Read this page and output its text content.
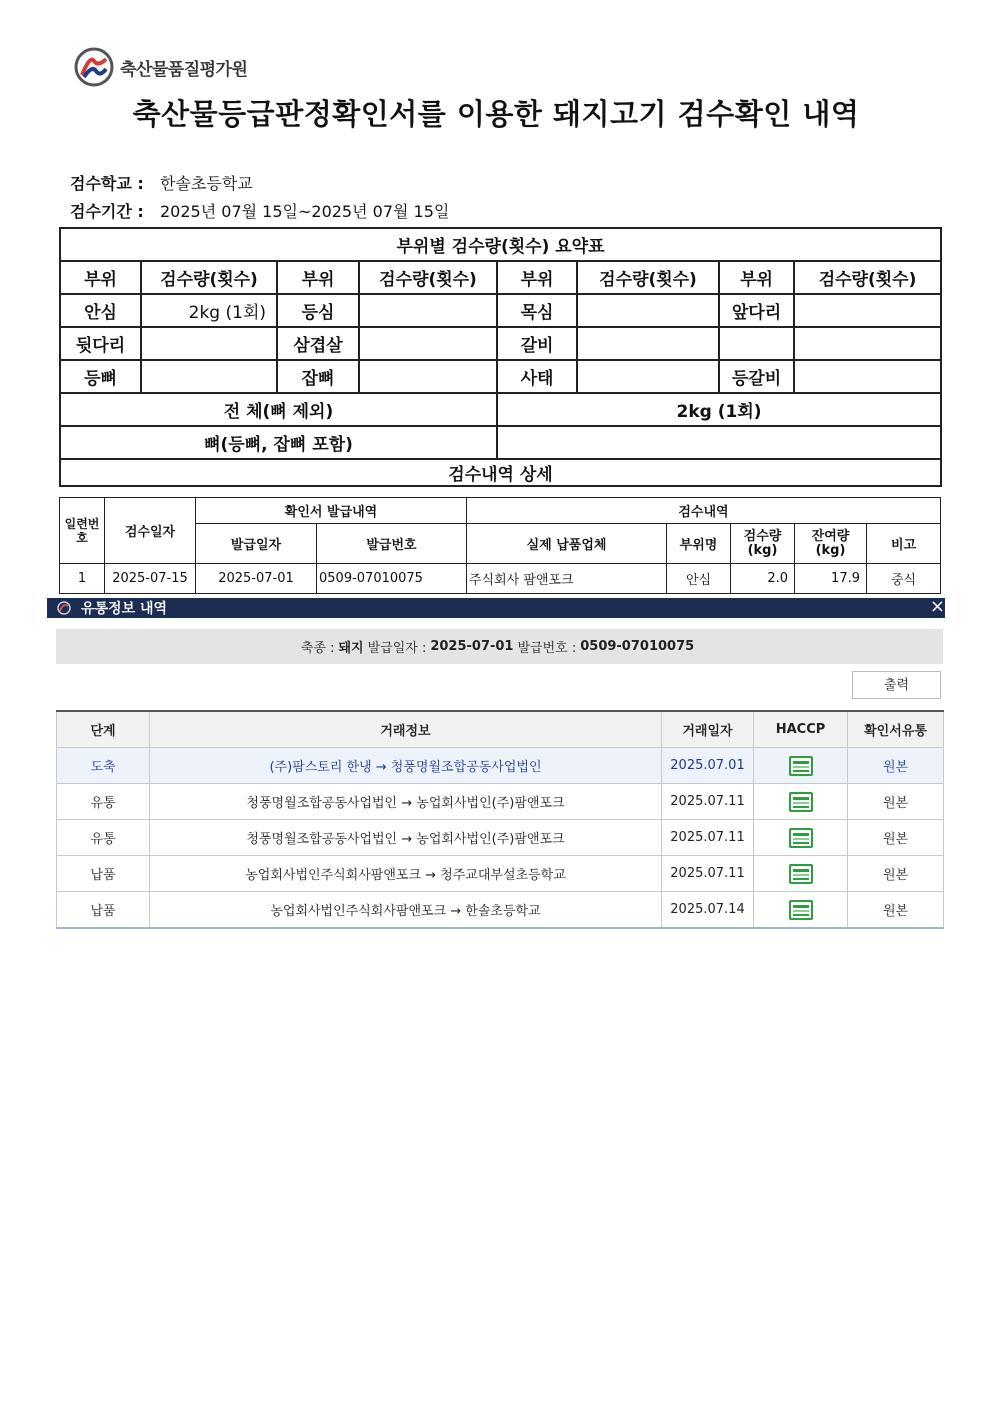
축산물품질평가원
축산물등급판정확인서를 이용한 돼지고기 검수확인 내역
검수학교 : 한솔초등학교
검수기간 : 2025년 07월 15일~2025년 07월 15일
부위별 검수량(횟수) 요약표							
부위	검수량(횟수)	부위	검수량(횟수)	부위	검수량(횟수)	부위	검수량(횟수)
안심	2kg (1회)	등심		목심		앞다리	
뒷다리		삼겹살		갈비			
등뼈		잡뼈		사태		등갈비	
전 체(뼈 제외)				2kg (1회)			
뼈(등뼈, 잡뼈 포함)							
검수내역 상세							
일련번호	검수일자	확인서 발급내역		검수내역				
		발급일자	발급번호	실제 납품업체	부위명	검수량 (kg)	잔여량 (kg)	비고
1	2025-07-15	2025-07-01	0509-07010075	주식회사 팜앤포크	안심	2.0	17.9	중식
유통정보 내역	×
축종 : 돼지 발급일자 : 2025-07-01 발급번호 : 0509-07010075
출력
단계	거래정보	거래일자	HACCP	확인서유통
도축	(주)팜스토리 한냉 → 청풍명월조합공동사업법인	2025.07.01		원본
유통	청풍명월조합공동사업법인 → 농업회사법인(주)팜앤포크	2025.07.11		원본
유통	청풍명월조합공동사업법인 → 농업회사법인(주)팜앤포크	2025.07.11		원본
납품	농업회사법인주식회사팜앤포크 → 청주교대부설초등학교	2025.07.11		원본
납품	농업회사법인주식회사팜앤포크 → 한솔초등학교	2025.07.14		원본
